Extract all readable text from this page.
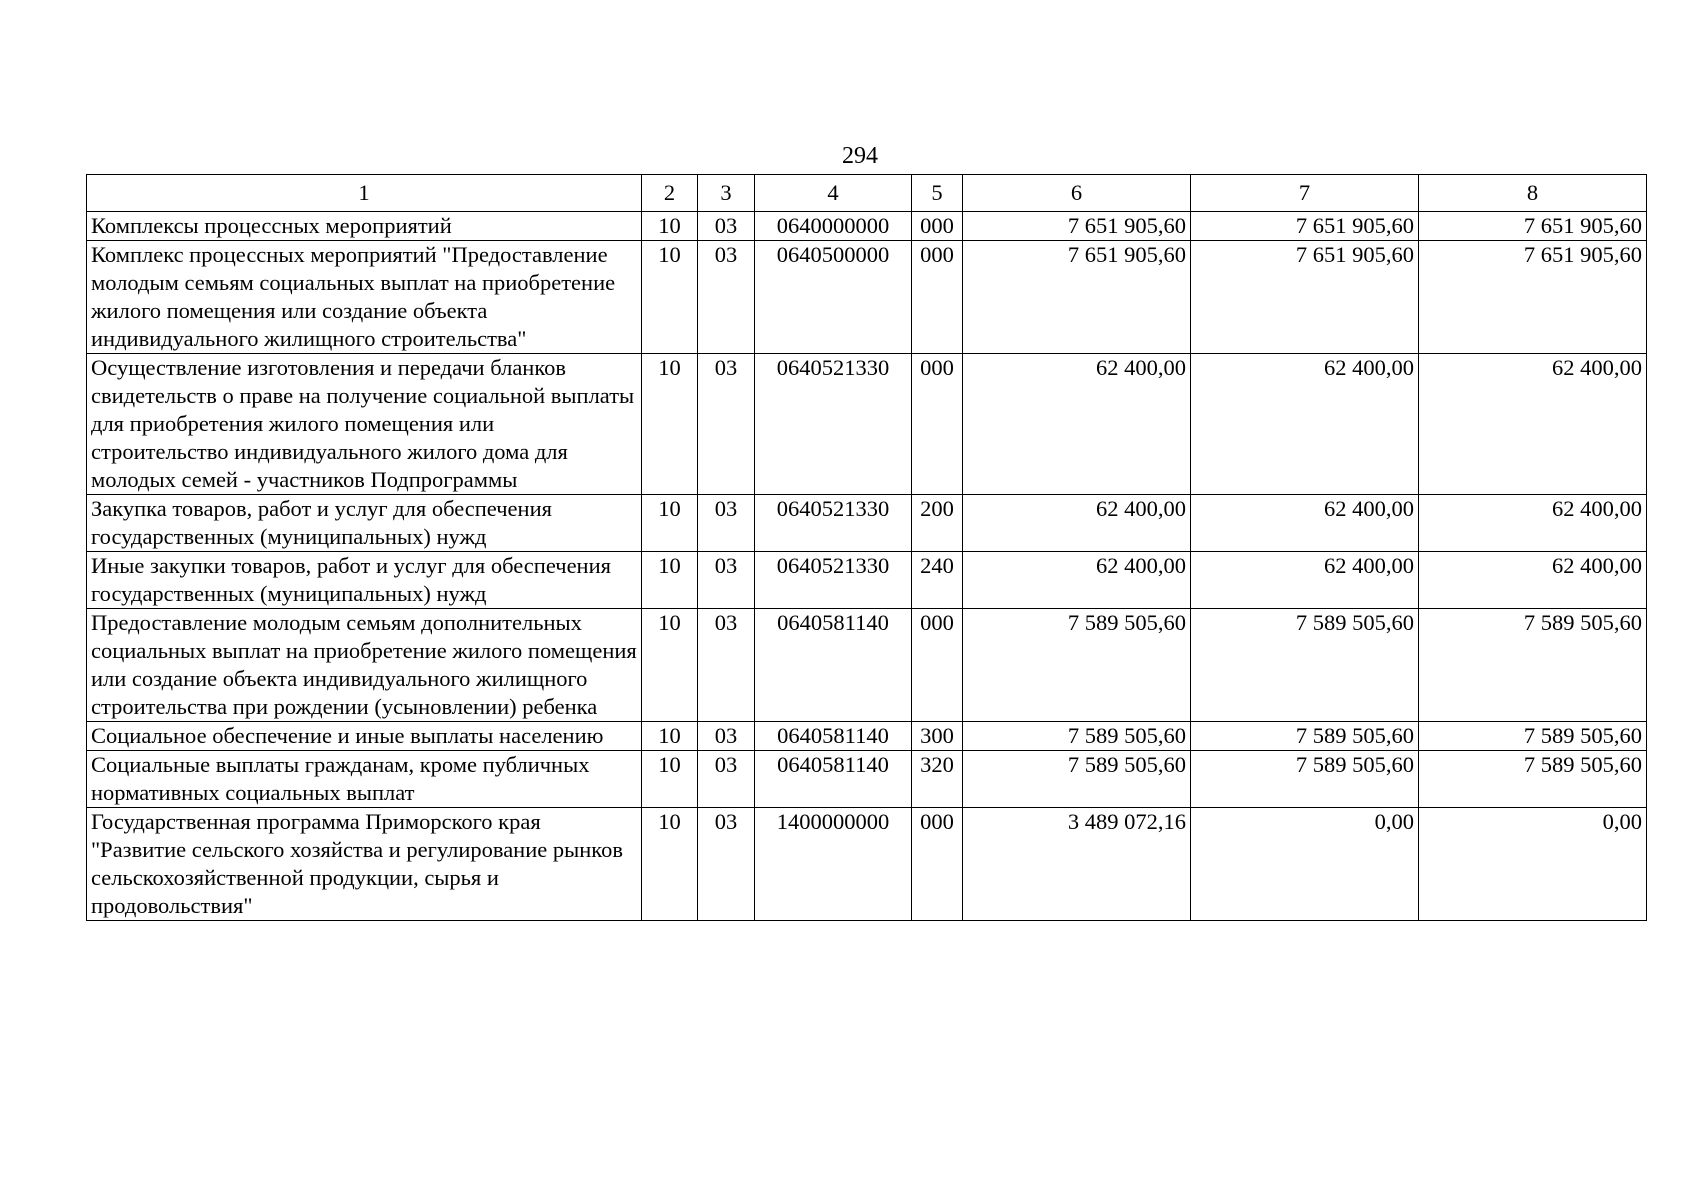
294
1	2	3	4	5	6	7	8
Комплексы процессных мероприятий	10	03	0640000000	000	7 651 905,60	7 651 905,60	7 651 905,60
Комплекс процессных мероприятий "Предоставление молодым семьям социальных выплат на приобретение жилого помещения или создание объекта индивидуального жилищного строительства"	10	03	0640500000	000	7 651 905,60	7 651 905,60	7 651 905,60
Осуществление изготовления и передачи бланков свидетельств о праве на получение социальной выплаты для приобретения жилого помещения или строительство индивидуального жилого дома для молодых семей - участников Подпрограммы	10	03	0640521330	000	62 400,00	62 400,00	62 400,00
Закупка товаров, работ и услуг для обеспечения государственных (муниципальных) нужд	10	03	0640521330	200	62 400,00	62 400,00	62 400,00
Иные закупки товаров, работ и услуг для обеспечения государственных (муниципальных) нужд	10	03	0640521330	240	62 400,00	62 400,00	62 400,00
Предоставление молодым семьям дополнительных социальных выплат на приобретение жилого помещения или создание объекта индивидуального жилищного строительства при рождении (усыновлении) ребенка	10	03	0640581140	000	7 589 505,60	7 589 505,60	7 589 505,60
Социальное обеспечение и иные выплаты населению	10	03	0640581140	300	7 589 505,60	7 589 505,60	7 589 505,60
Социальные выплаты гражданам, кроме публичных нормативных социальных выплат	10	03	0640581140	320	7 589 505,60	7 589 505,60	7 589 505,60
Государственная программа Приморского края "Развитие сельского хозяйства и регулирование рынков сельскохозяйственной продукции, сырья и продовольствия"	10	03	1400000000	000	3 489 072,16	0,00	0,00
